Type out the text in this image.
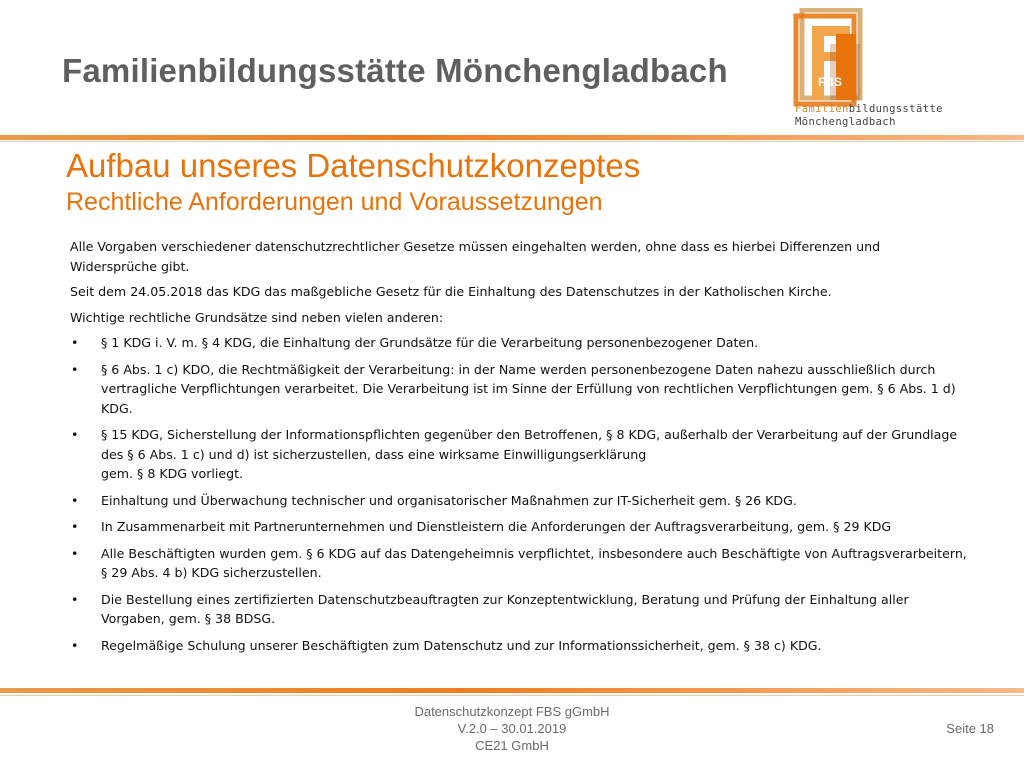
Familienbildungsstätte Mönchengladbach	FBS
Familienbildungsstätte
Mönchengladbach
Aufbau unseres Datenschutzkonzeptes
Rechtliche Anforderungen und Voraussetzungen

Alle Vorgaben verschiedener datenschutzrechtlicher Gesetze müssen eingehalten werden, ohne dass es hierbei Differenzen und Widersprüche gibt.

Seit dem 24.05.2018 das KDG das maßgebliche Gesetz für die Einhaltung des Datenschutzes in der Katholischen Kirche.

Wichtige rechtliche Grundsätze sind neben vielen anderen:

• § 1 KDG i. V. m. § 4 KDG, die Einhaltung der Grundsätze für die Verarbeitung personenbezogener Daten.
• § 6 Abs. 1 c) KDO, die Rechtmäßigkeit der Verarbeitung: in der Name werden personenbezogene Daten nahezu ausschließlich durch vertragliche Verpflichtungen verarbeitet. Die Verarbeitung ist im Sinne der Erfüllung von rechtlichen Verpflichtungen gem. § 6 Abs. 1 d) KDG.
• § 15 KDG, Sicherstellung der Informationspflichten gegenüber den Betroffenen, § 8 KDG, außerhalb der Verarbeitung auf der Grundlage des § 6 Abs. 1 c) und d) ist sicherzustellen, dass eine wirksame Einwilligungserklärung
gem. § 8 KDG vorliegt.
• Einhaltung und Überwachung technischer und organisatorischer Maßnahmen zur IT-Sicherheit gem. § 26 KDG.
• In Zusammenarbeit mit Partnerunternehmen und Dienstleistern die Anforderungen der Auftragsverarbeitung, gem. § 29 KDG
• Alle Beschäftigten wurden gem. § 6 KDG auf das Datengeheimnis verpflichtet, insbesondere auch Beschäftigte von Auftragsverarbeitern, § 29 Abs. 4 b) KDG sicherzustellen.
• Die Bestellung eines zertifizierten Datenschutzbeauftragten zur Konzeptentwicklung, Beratung und Prüfung der Einhaltung aller Vorgaben, gem. § 38 BDSG.
• Regelmäßige Schulung unserer Beschäftigten zum Datenschutz und zur Informationssicherheit, gem. § 38 c) KDG.
Datenschutzkonzept FBS gGmbH
V.2.0 – 30.01.2019
CE21 GmbH
Seite 18
